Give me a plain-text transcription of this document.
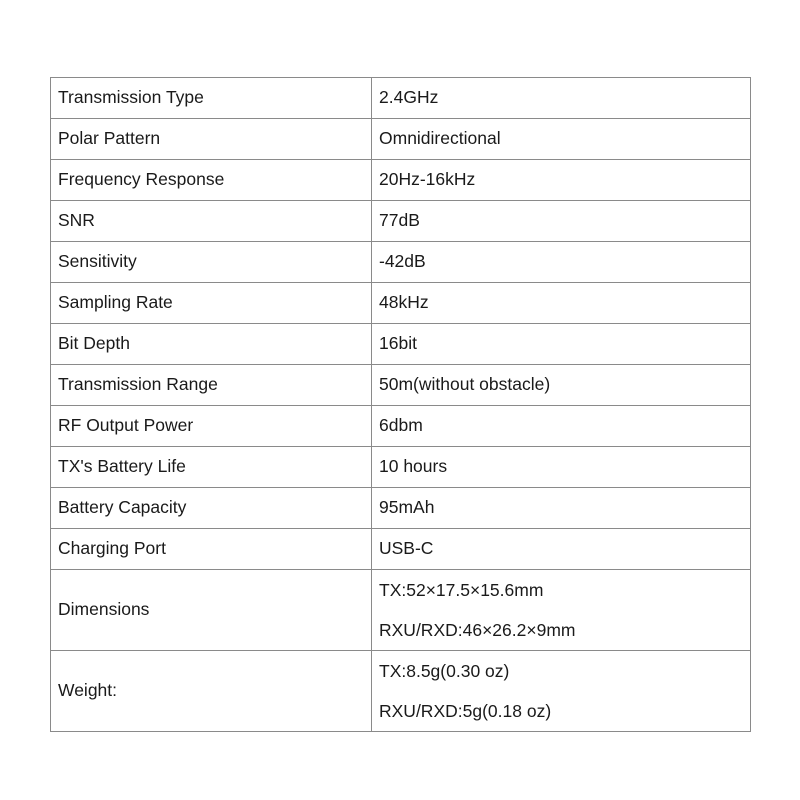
Transmission Type	2.4GHz
Polar Pattern	Omnidirectional
Frequency Response	20Hz-16kHz
SNR	77dB
Sensitivity	-42dB
Sampling Rate	48kHz
Bit Depth	16bit
Transmission Range	50m(without obstacle)
RF Output Power	6dbm
TX's Battery Life	10 hours
Battery Capacity	95mAh
Charging Port	USB-C
Dimensions	TX:52×17.5×15.6mm
RXU/RXD:46×26.2×9mm

Weight:	TX:8.5g(0.30 oz)
RXU/RXD:5g(0.18 oz)
